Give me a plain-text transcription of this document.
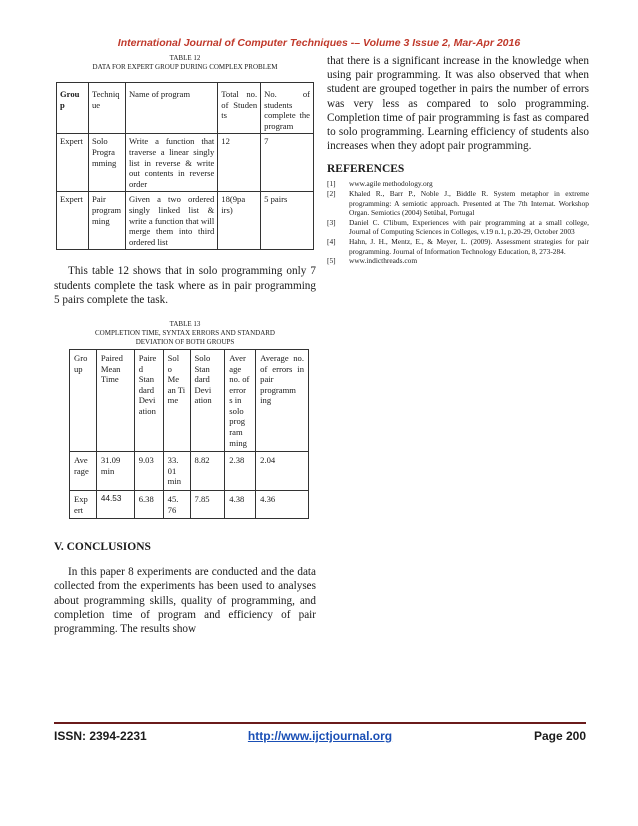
International Journal of Computer Techniques -– Volume 3 Issue 2, Mar-Apr 2016
TABLE 12
DATA FOR EXPERT GROUP DURING COMPLEX PROBLEM
Grou p	Techniq ue	Name of program	Total no. of Studen ts	No. of students complete the program
Expert	Solo Progra mming	Write a function that traverse a linear singly list in reverse & write out contents in reverse order	12	7
Expert	Pair program ming	Given a two ordered singly linked list & write a function that will merge them into third ordered list	18(9pa irs)	5 pairs

This table 12 shows that in solo programming only 7 students complete the task where as in pair programming 5 pairs complete the task.

TABLE 13
COMPLETION TIME, SYNTAX ERRORS AND STANDARD
DEVIATION OF BOTH GROUPS
Gro up	Paired Mean Time	Paire d Stan dard Devi ation	Sol o Me an Ti me	Solo Stan dard Devi ation	Aver age no. of error s in solo prog ram ming	Average no. of errors in pair programm ing
Ave rage	31.09 min	9.03	33. 01 min	8.82	2.38	2.04
Exp ert	44.53	6.38	45. 76	7.85	4.38	4.36

V. CONCLUSIONS

In this paper 8 experiments are conducted and the data collected from the experiments has been used to analyses about programming skills, quality of programming, and completion time of program and efficiency of pair programming. The results show

that there is a significant increase in the knowledge when using pair programming. It was also observed that when student are grouped together in pairs the number of errors was very less as compared to solo programming. Completion time of pair programming is fast as compared to solo programming. Learning efficiency of students also increases when they adopt pair programming.

REFERENCES

[1]	www.agile methodology.org
[2]	Khaled R., Barr P., Noble J., Biddle R. System metaphor in extreme programming: A semiotic approach. Presented at The 7th Internat. Workshop Organ. Semiotics (2004) Setúbal, Portugal
[3]	Daniel C. C'libum, Experiences with pair programming at a small college, Journal of Computing Sciences in Colleges, v.19 n.1, p.20-29, October 2003
[4]	Hahn, J. H., Mentz, E., & Meyer, L. (2009). Assessment strategies for pair programming. Journal of Information Technology Education, 8, 273-284.
[5]	www.indicthreads.com
ISSN: 2394-2231	http://www.ijctjournal.org	Page 200
